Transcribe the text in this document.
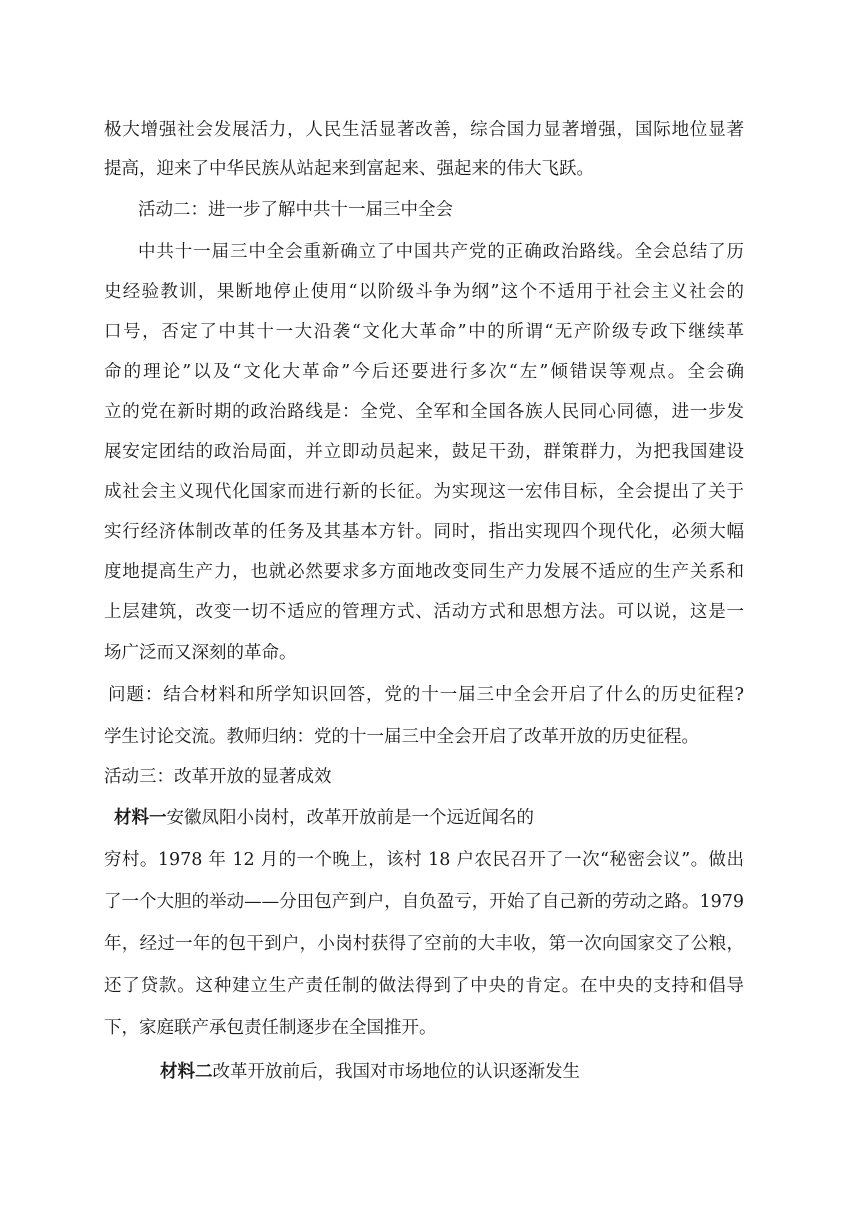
极大增强社会发展活力，人民生活显著改善，综合国力显著增强，国际地位显著
提高，迎来了中华民族从站起来到富起来、强起来的伟大飞跃。
活动二：进一步了解中共十一届三中全会
中共十一届三中全会重新确立了中国共产党的正确政治路线。全会总结了历
史经验教训，果断地停止使用“以阶级斗争为纲”这个不适用于社会主义社会的
口号，否定了中其十一大沿袭“文化大革命”中的所谓“无产阶级专政下继续革
命的理论”以及“文化大革命”今后还要进行多次“左”倾错误等观点。全会确
立的党在新时期的政治路线是：全党、全军和全国各族人民同心同德，进一步发
展安定团结的政治局面，并立即动员起来，鼓足干劲，群策群力，为把我国建设
成社会主义现代化国家而进行新的长征。为实现这一宏伟目标，全会提出了关于
实行经济体制改革的任务及其基本方针。同时，指出实现四个现代化，必须大幅
度地提高生产力，也就必然要求多方面地改变同生产力发展不适应的生产关系和
上层建筑，改变一切不适应的管理方式、活动方式和思想方法。可以说，这是一
场广泛而又深刻的革命。
问题：结合材料和所学知识回答，党的十一届三中全会开启了什么的历史征程?
学生讨论交流。教师归纳：党的十一届三中全会开启了改革开放的历史征程。
活动三：改革开放的显著成效
材料一安徽凤阳小岗村，改革开放前是一个远近闻名的
穷村。1978 年 12 月的一个晚上，该村 18 户农民召开了一次“秘密会议”。做出
了一个大胆的举动——分田包产到户，自负盈亏，开始了自己新的劳动之路。1979
年，经过一年的包干到户，小岗村获得了空前的大丰收，第一次向国家交了公粮，
还了贷款。这种建立生产责任制的做法得到了中央的肯定。在中央的支持和倡导
下，家庭联产承包责任制逐步在全国推开。
材料二改革开放前后，我国对市场地位的认识逐渐发生
